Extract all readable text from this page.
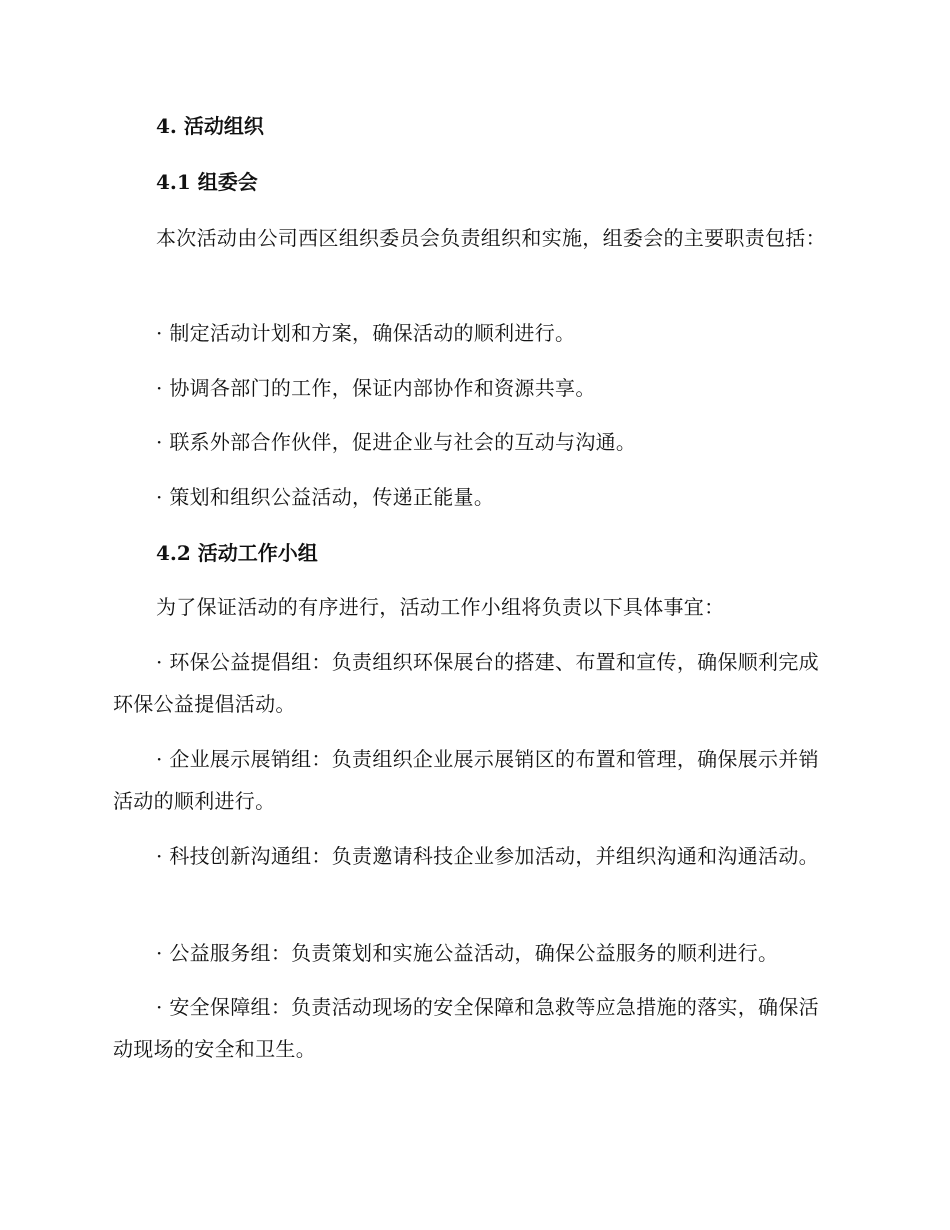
4. 活动组织
4.1 组委会

本次活动由公司西区组织委员会负责组织和实施，组委会的主要职责包括：

· 制定活动计划和方案，确保活动的顺利进行。

· 协调各部门的工作，保证内部协作和资源共享。

· 联系外部合作伙伴，促进企业与社会的互动与沟通。

· 策划和组织公益活动，传递正能量。

4.2 活动工作小组

为了保证活动的有序进行，活动工作小组将负责以下具体事宜：

· 环保公益提倡组：负责组织环保展台的搭建、布置和宣传，确保顺利完成环保公益提倡活动。

· 企业展示展销组：负责组织企业展示展销区的布置和管理，确保展示并销活动的顺利进行。

· 科技创新沟通组：负责邀请科技企业参加活动，并组织沟通和沟通活动。

· 公益服务组：负责策划和实施公益活动，确保公益服务的顺利进行。

· 安全保障组：负责活动现场的安全保障和急救等应急措施的落实，确保活动现场的安全和卫生。
